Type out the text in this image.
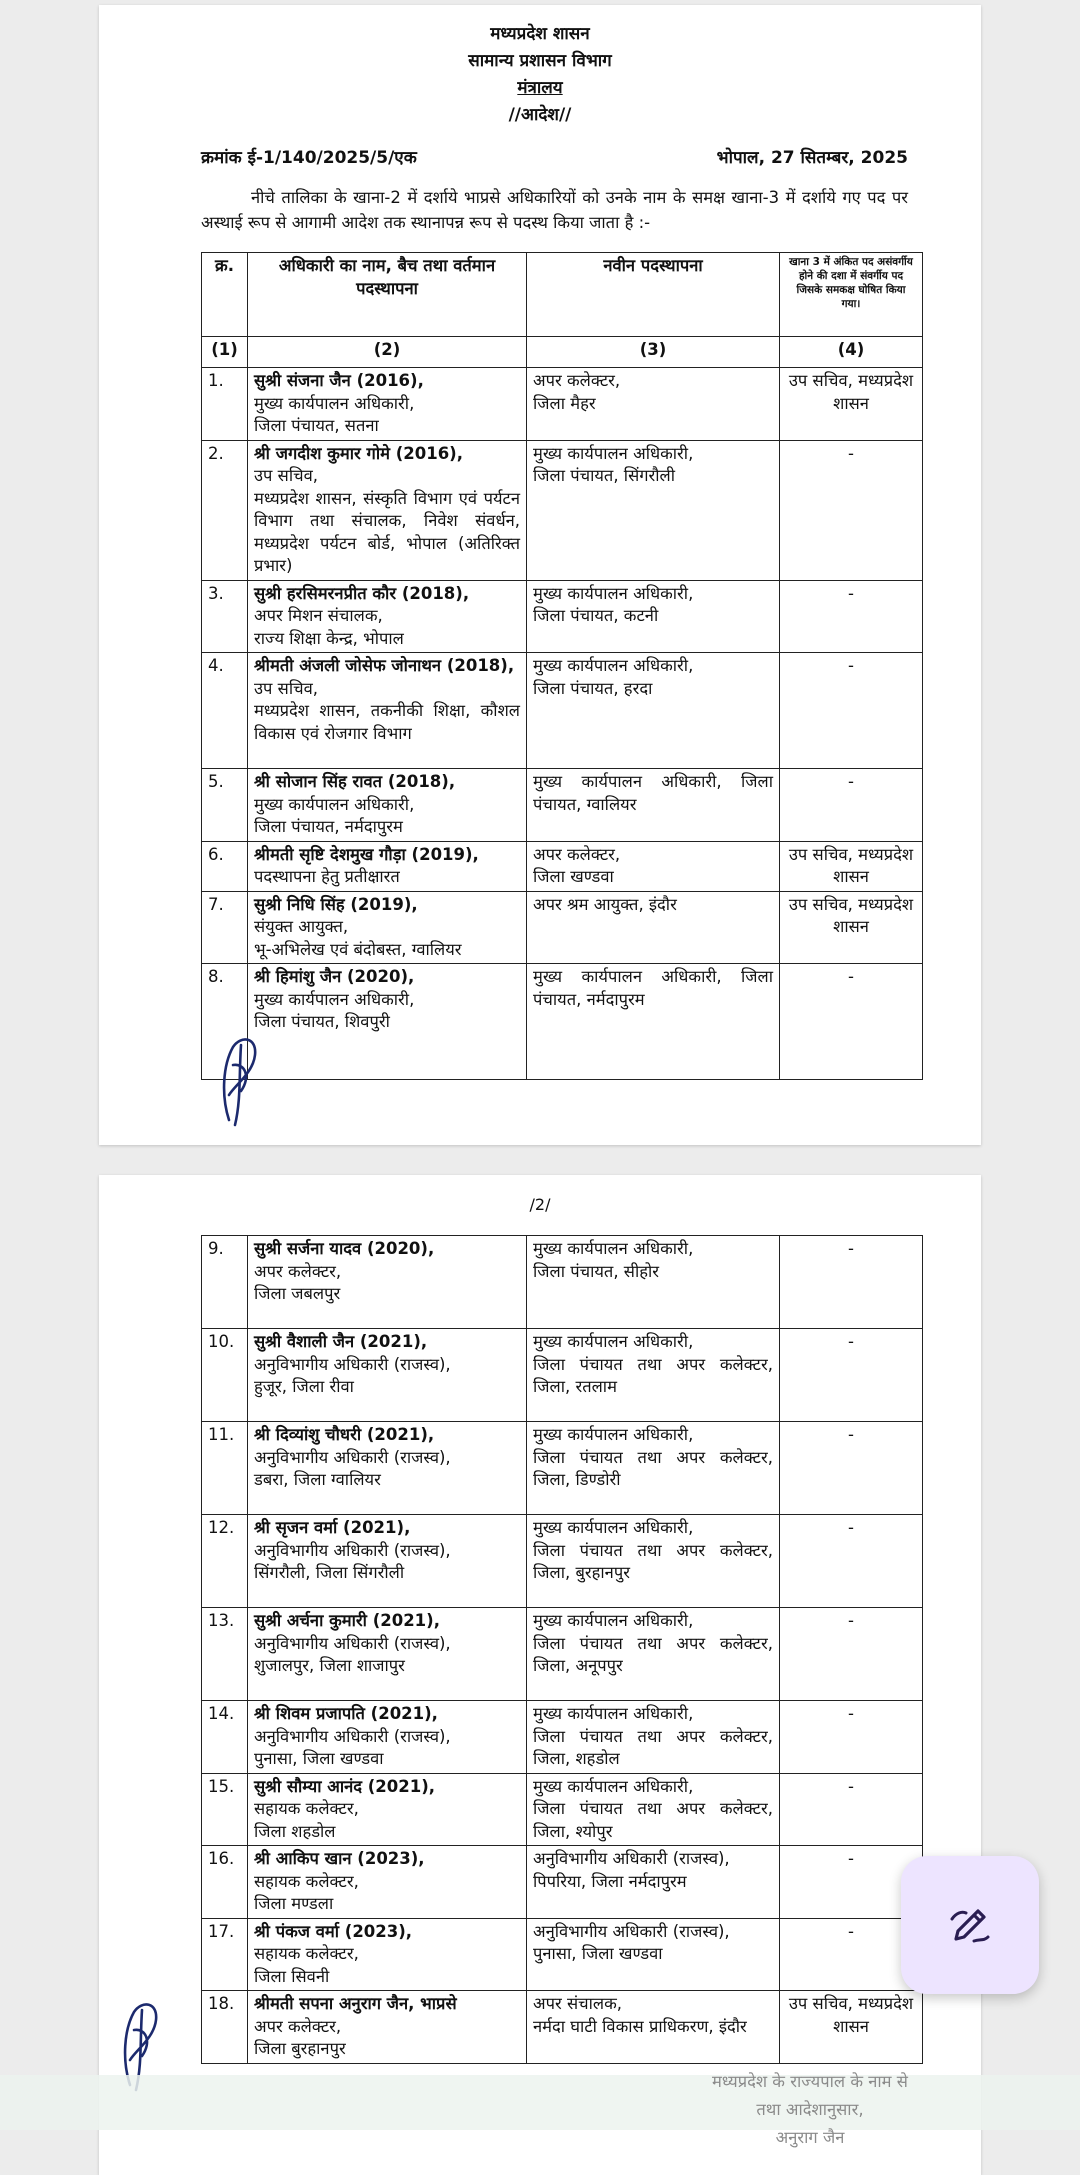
मध्यप्रदेश शासन
सामान्य प्रशासन विभाग
मंत्रालय
//आदेश//
क्रमांक ई-1/140/2025/5/एक	भोपाल, 27 सितम्बर, 2025
नीचे तालिका के खाना-2 में दर्शाये भाप्रसे अधिकारियों को उनके नाम के समक्ष खाना-3 में दर्शाये गए पद पर अस्थाई रूप से आगामी आदेश तक स्थानापन्न रूप से पदस्थ किया जाता है :-
क्र.	अधिकारी का नाम, बैच तथा वर्तमान पदस्थापना	नवीन पदस्थापना	खाना 3 में अंकित पद असंवर्गीय होने की दशा में संवर्गीय पद जिसके समकक्ष घोषित किया गया।
(1)	(2)	(3)	(4)
1.	सुश्री संजना जैन (2016),
मुख्य कार्यपालन अधिकारी,
जिला पंचायत, सतना	अपर कलेक्टर,
जिला मैहर	उप सचिव, मध्यप्रदेश शासन
2.	श्री जगदीश कुमार गोमे (2016),
उप सचिव,
मध्यप्रदेश शासन, संस्कृति विभाग एवं पर्यटन विभाग तथा संचालक, निवेश संवर्धन, मध्यप्रदेश पर्यटन बोर्ड, भोपाल (अतिरिक्त प्रभार)	मुख्य कार्यपालन अधिकारी,
जिला पंचायत, सिंगरौली	-
3.	सुश्री हरसिमरनप्रीत कौर (2018),
अपर मिशन संचालक,
राज्य शिक्षा केन्द्र, भोपाल	मुख्य कार्यपालन अधिकारी,
जिला पंचायत, कटनी	-
4.	श्रीमती अंजली जोसेफ जोनाथन (2018),
उप सचिव,
मध्यप्रदेश शासन, तकनीकी शिक्षा, कौशल विकास एवं रोजगार विभाग	मुख्य कार्यपालन अधिकारी,
जिला पंचायत, हरदा	-
5.	श्री सोजान सिंह रावत (2018),
मुख्य कार्यपालन अधिकारी,
जिला पंचायत, नर्मदापुरम	मुख्य कार्यपालन अधिकारी, जिला पंचायत, ग्वालियर	-
6.	श्रीमती सृष्टि देशमुख गौड़ा (2019),
पदस्थापना हेतु प्रतीक्षारत	अपर कलेक्टर,
जिला खण्डवा	उप सचिव, मध्यप्रदेश शासन
7.	सुश्री निधि सिंह (2019),
संयुक्त आयुक्त,
भू-अभिलेख एवं बंदोबस्त, ग्वालियर	अपर श्रम आयुक्त, इंदौर	उप सचिव, मध्यप्रदेश शासन
8.	श्री हिमांशु जैन (2020),
मुख्य कार्यपालन अधिकारी,
जिला पंचायत, शिवपुरी	मुख्य कार्यपालन अधिकारी, जिला पंचायत, नर्मदापुरम	-
/2/
9.	सुश्री सर्जना यादव (2020),
अपर कलेक्टर,
जिला जबलपुर	मुख्य कार्यपालन अधिकारी,
जिला पंचायत, सीहोर	-
10.	सुश्री वैशाली जैन (2021),
अनुविभागीय अधिकारी (राजस्व),
हुजूर, जिला रीवा	मुख्य कार्यपालन अधिकारी,
जिला पंचायत तथा अपर कलेक्टर, जिला, रतलाम	-
11.	श्री दिव्यांशु चौधरी (2021),
अनुविभागीय अधिकारी (राजस्व),
डबरा, जिला ग्वालियर	मुख्य कार्यपालन अधिकारी,
जिला पंचायत तथा अपर कलेक्टर, जिला, डिण्डोरी	-
12.	श्री सृजन वर्मा (2021),
अनुविभागीय अधिकारी (राजस्व),
सिंगरौली, जिला सिंगरौली	मुख्य कार्यपालन अधिकारी,
जिला पंचायत तथा अपर कलेक्टर, जिला, बुरहानपुर	-
13.	सुश्री अर्चना कुमारी (2021),
अनुविभागीय अधिकारी (राजस्व),
शुजालपुर, जिला शाजापुर	मुख्य कार्यपालन अधिकारी,
जिला पंचायत तथा अपर कलेक्टर, जिला, अनूपपुर	-
14.	श्री शिवम प्रजापति (2021),
अनुविभागीय अधिकारी (राजस्व),
पुनासा, जिला खण्डवा	मुख्य कार्यपालन अधिकारी,
जिला पंचायत तथा अपर कलेक्टर, जिला, शहडोल	-
15.	सुश्री सौम्या आनंद (2021),
सहायक कलेक्टर,
जिला शहडोल	मुख्य कार्यपालन अधिकारी,
जिला पंचायत तथा अपर कलेक्टर, जिला, श्योपुर	-
16.	श्री आकिप खान (2023),
सहायक कलेक्टर,
जिला मण्डला	अनुविभागीय अधिकारी (राजस्व),
पिपरिया, जिला नर्मदापुरम	-
17.	श्री पंकज वर्मा (2023),
सहायक कलेक्टर,
जिला सिवनी	अनुविभागीय अधिकारी (राजस्व),
पुनासा, जिला खण्डवा	-
18.	श्रीमती सपना अनुराग जैन, भाप्रसे
अपर कलेक्टर,
जिला बुरहानपुर	अपर संचालक,
नर्मदा घाटी विकास प्राधिकरण, इंदौर	उप सचिव, मध्यप्रदेश शासन
मध्यप्रदेश के राज्यपाल के नाम से
तथा आदेशानुसार,
अनुराग जैन
